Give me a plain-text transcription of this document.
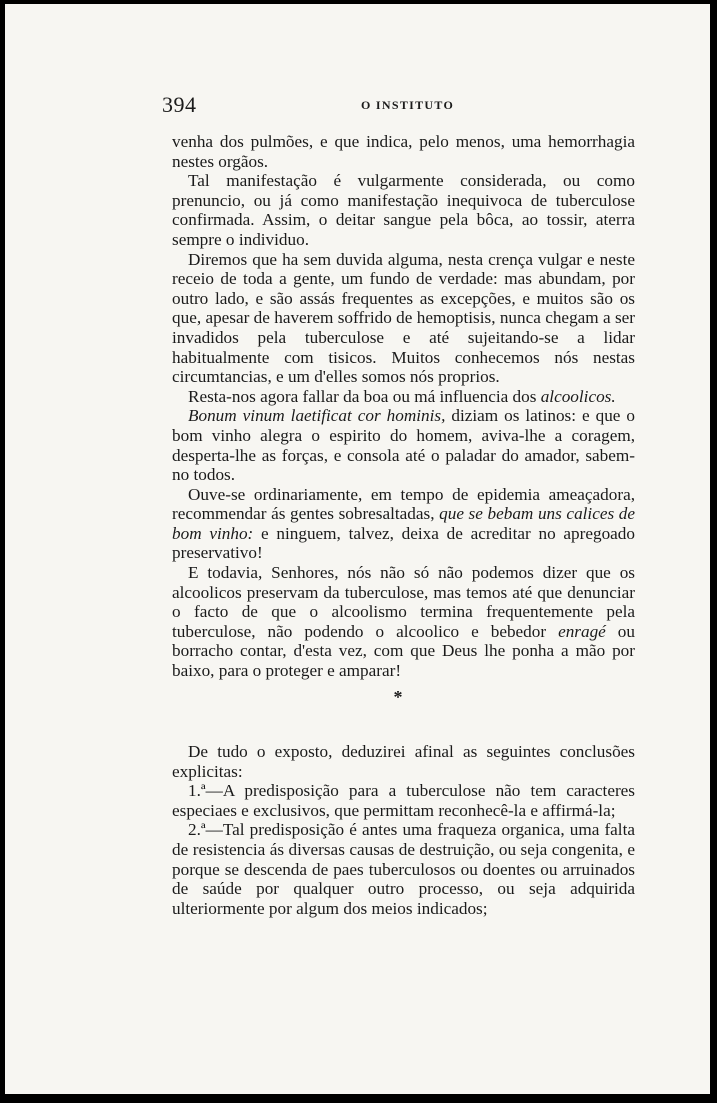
394	O INSTITUTO

venha dos pulmões, e que indica, pelo menos, uma hemorrhagia nestes orgãos.

Tal manifestação é vulgarmente considerada, ou como prenuncio, ou já como manifestação inequivoca de tuberculose confirmada. Assim, o deitar sangue pela bôca, ao tossir, aterra sempre o individuo.

Diremos que ha sem duvida alguma, nesta crença vulgar e neste receio de toda a gente, um fundo de verdade: mas abundam, por outro lado, e são assás frequentes as excepções, e muitos são os que, apesar de haverem soffrido de hemoptisis, nunca chegam a ser invadidos pela tuberculose e até sujeitando-se a lidar habitualmente com tisicos. Muitos conhecemos nós nestas circumtancias, e um d'elles somos nós proprios.

Resta-nos agora fallar da boa ou má influencia dos alcoolicos.

Bonum vinum laetificat cor hominis, diziam os latinos: e que o bom vinho alegra o espirito do homem, aviva-lhe a coragem, desperta-lhe as forças, e consola até o paladar do amador, sabem-no todos.

Ouve-se ordinariamente, em tempo de epidemia ameaçadora, recommendar ás gentes sobresaltadas, que se bebam uns calices de bom vinho: e ninguem, talvez, deixa de acreditar no apregoado preservativo!

E todavia, Senhores, nós não só não podemos dizer que os alcoolicos preservam da tuberculose, mas temos até que denunciar o facto de que o alcoolismo termina frequentemente pela tuberculose, não podendo o alcoolico e bebedor enragé ou borracho contar, d'esta vez, com que Deus lhe ponha a mão por baixo, para o proteger e amparar!

*

De tudo o exposto, deduzirei afinal as seguintes conclusões explicitas:

1.ª—A predisposição para a tuberculose não tem caracteres especiaes e exclusivos, que permittam reconhecê-la e affirmá-la;

2.ª—Tal predisposição é antes uma fraqueza organica, uma falta de resistencia ás diversas causas de destruição, ou seja congenita, e porque se descenda de paes tuberculosos ou doentes ou arruinados de saúde por qualquer outro processo, ou seja adquirida ulteriormente por algum dos meios indicados;
